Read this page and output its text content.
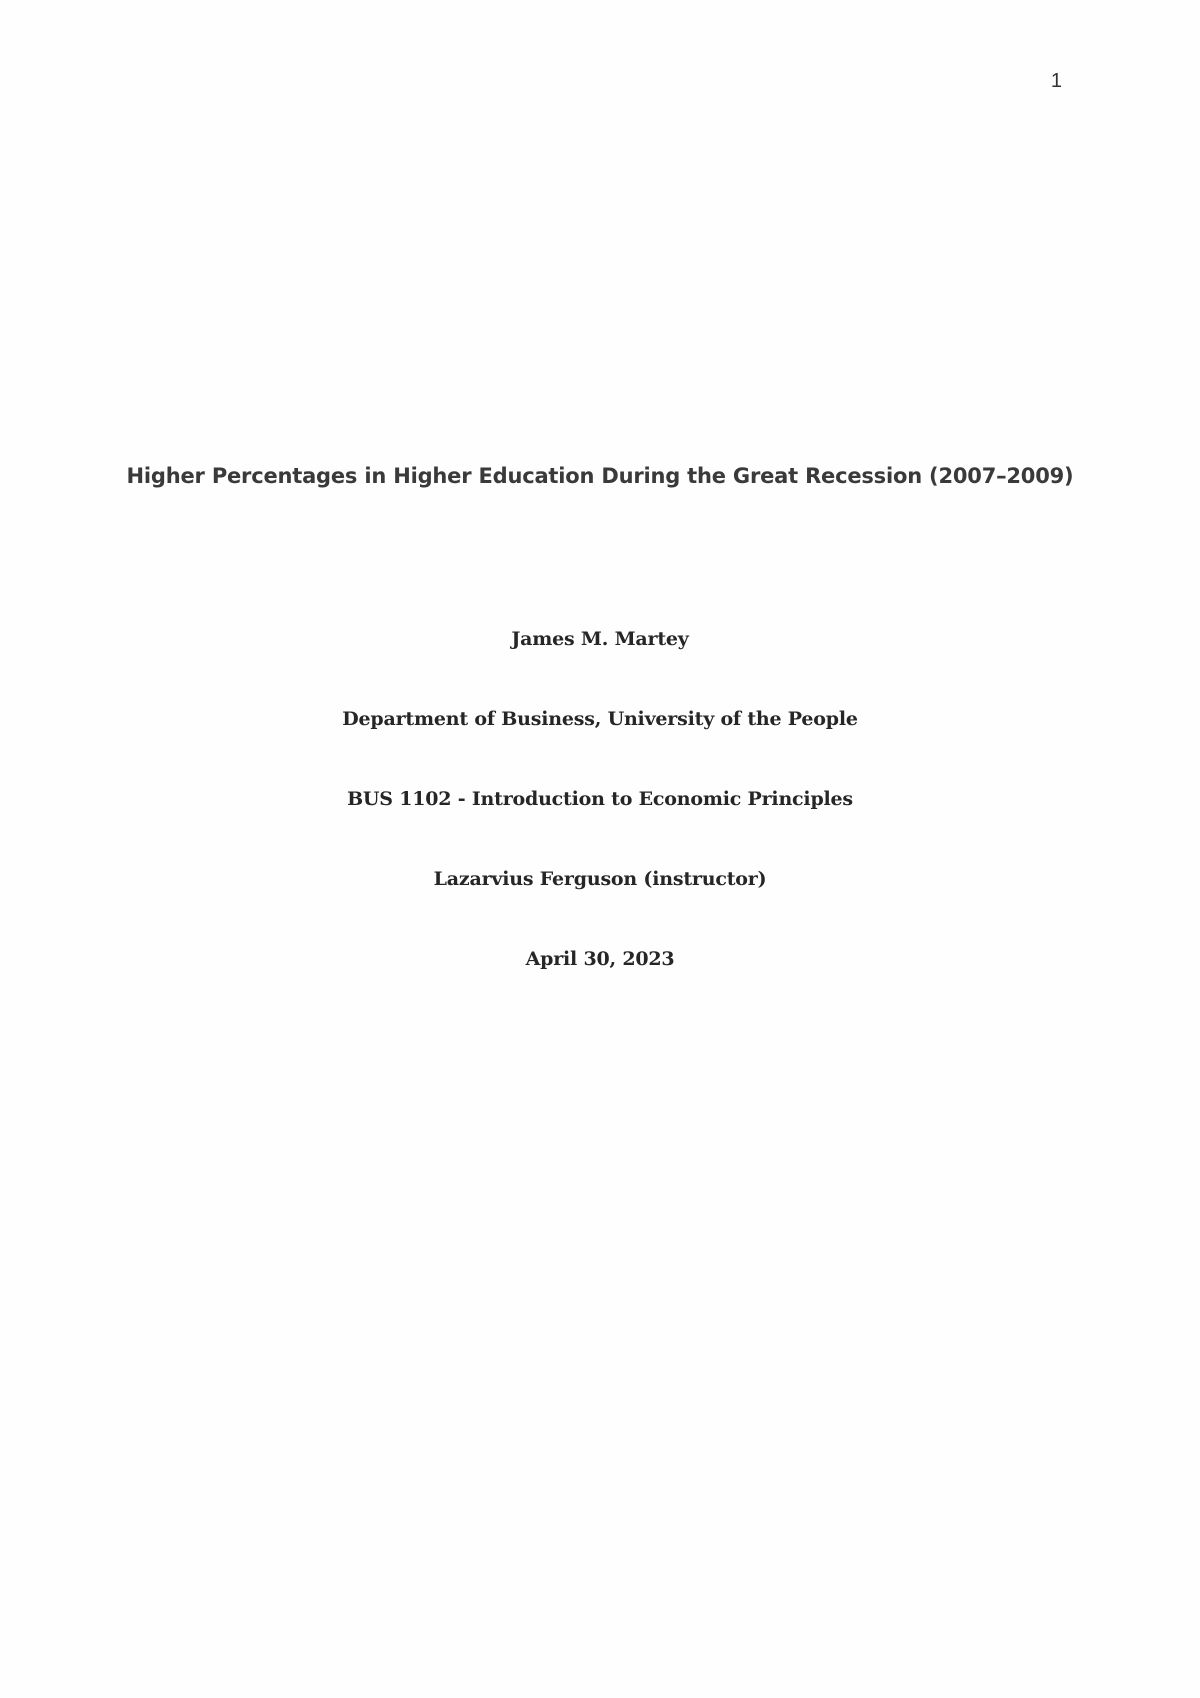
1
Higher Percentages in Higher Education During the Great Recession (2007–2009)
James M. Martey
Department of Business, University of the People
BUS 1102 - Introduction to Economic Principles
Lazarvius Ferguson (instructor)
April 30, 2023
